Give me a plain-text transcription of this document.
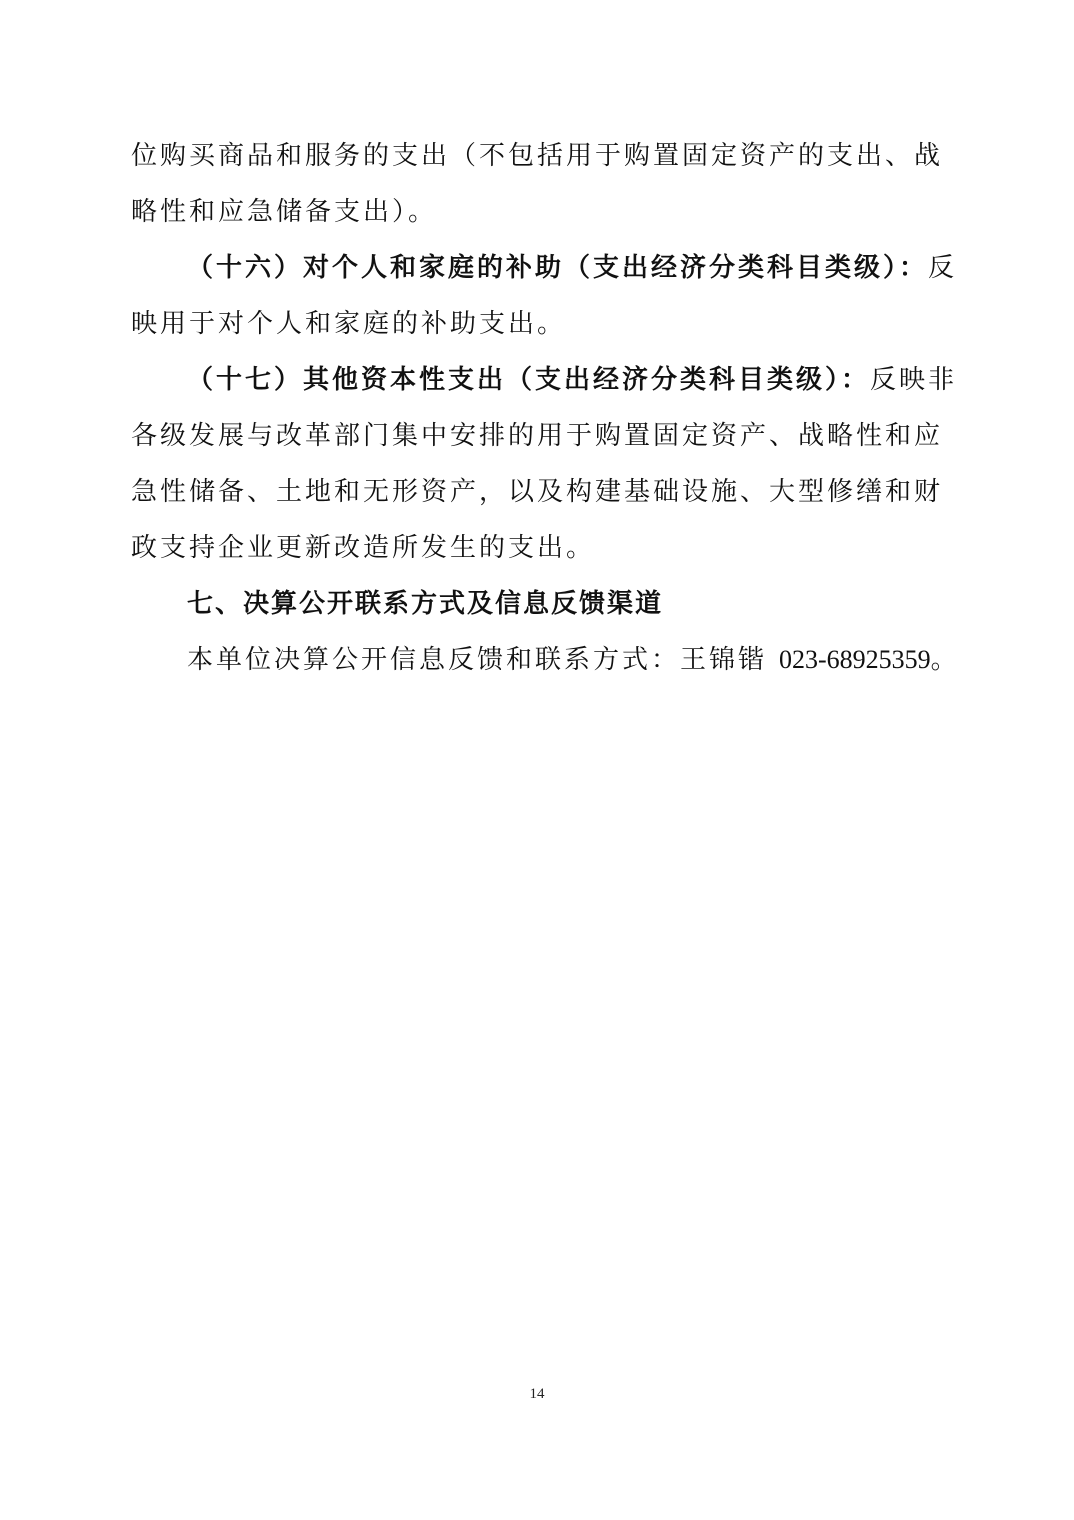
位购买商品和服务的支出（不包括用于购置固定资产的支出、战
略性和应急储备支出）。
（十六）对个人和家庭的补助（支出经济分类科目类级）：反
映用于对个人和家庭的补助支出。
（十七）其他资本性支出（支出经济分类科目类级）：反映非
各级发展与改革部门集中安排的用于购置固定资产、战略性和应
急性储备、土地和无形资产，以及构建基础设施、大型修缮和财
政支持企业更新改造所发生的支出。
七、决算公开联系方式及信息反馈渠道
本单位决算公开信息反馈和联系方式：王锦锴 023-68925359。
14
